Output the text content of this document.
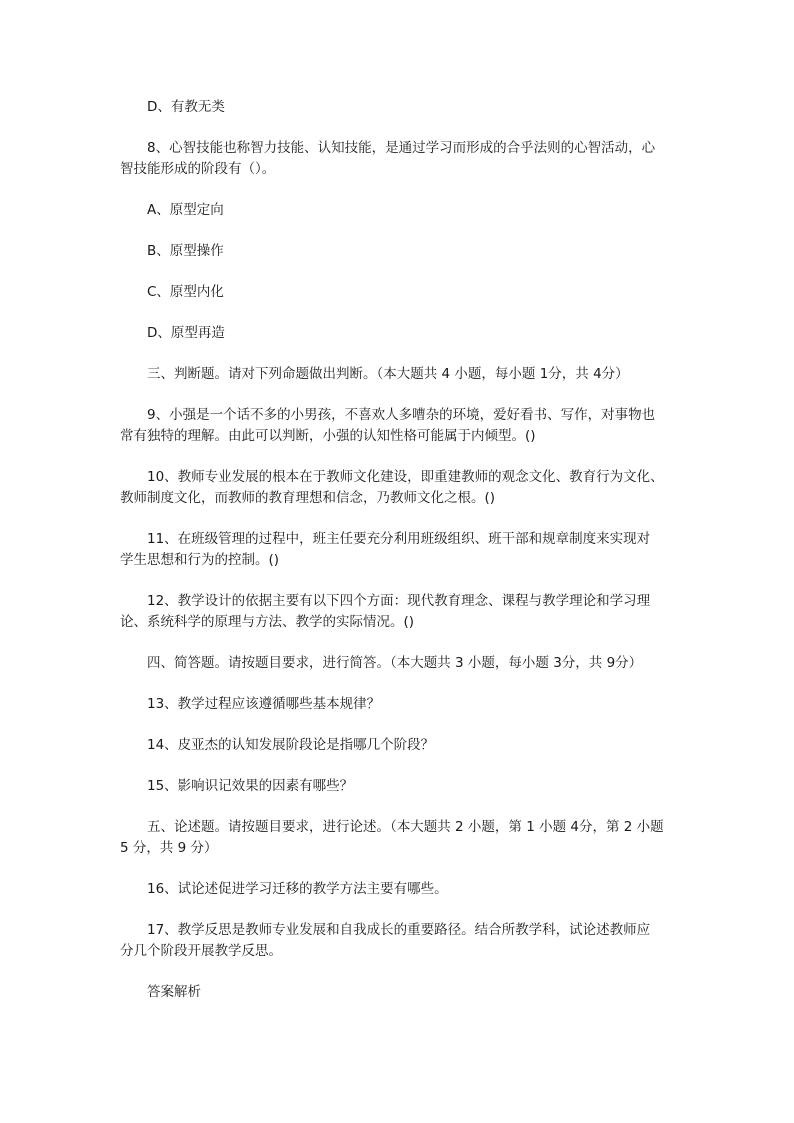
D、有教无类

8、心智技能也称智力技能、认知技能，是通过学习而形成的合乎法则的心智活动，心
智技能形成的阶段有（）。

A、原型定向

B、原型操作

C、原型内化

D、原型再造

三、判断题。请对下列命题做出判断。（本大题共 4 小题，每小题 1分，共 4分）

9、小强是一个话不多的小男孩，不喜欢人多嘈杂的环境，爱好看书、写作，对事物也
常有独特的理解。由此可以判断，小强的认知性格可能属于内倾型。()

10、教师专业发展的根本在于教师文化建设，即重建教师的观念文化、教育行为文化、
教师制度文化，而教师的教育理想和信念，乃教师文化之根。()

11、在班级管理的过程中，班主任要充分利用班级组织、班干部和规章制度来实现对
学生思想和行为的控制。()

12、教学设计的依据主要有以下四个方面：现代教育理念、课程与教学理论和学习理
论、系统科学的原理与方法、教学的实际情况。()

四、简答题。请按题目要求，进行简答。（本大题共 3 小题，每小题 3分，共 9分）

13、教学过程应该遵循哪些基本规律？

14、皮亚杰的认知发展阶段论是指哪几个阶段？

15、影响识记效果的因素有哪些？

五、论述题。请按题目要求，进行论述。（本大题共 2 小题，第 1 小题 4分，第 2 小题
5 分，共 9 分）

16、试论述促进学习迁移的教学方法主要有哪些。

17、教学反思是教师专业发展和自我成长的重要路径。结合所教学科，试论述教师应
分几个阶段开展教学反思。

答案解析
